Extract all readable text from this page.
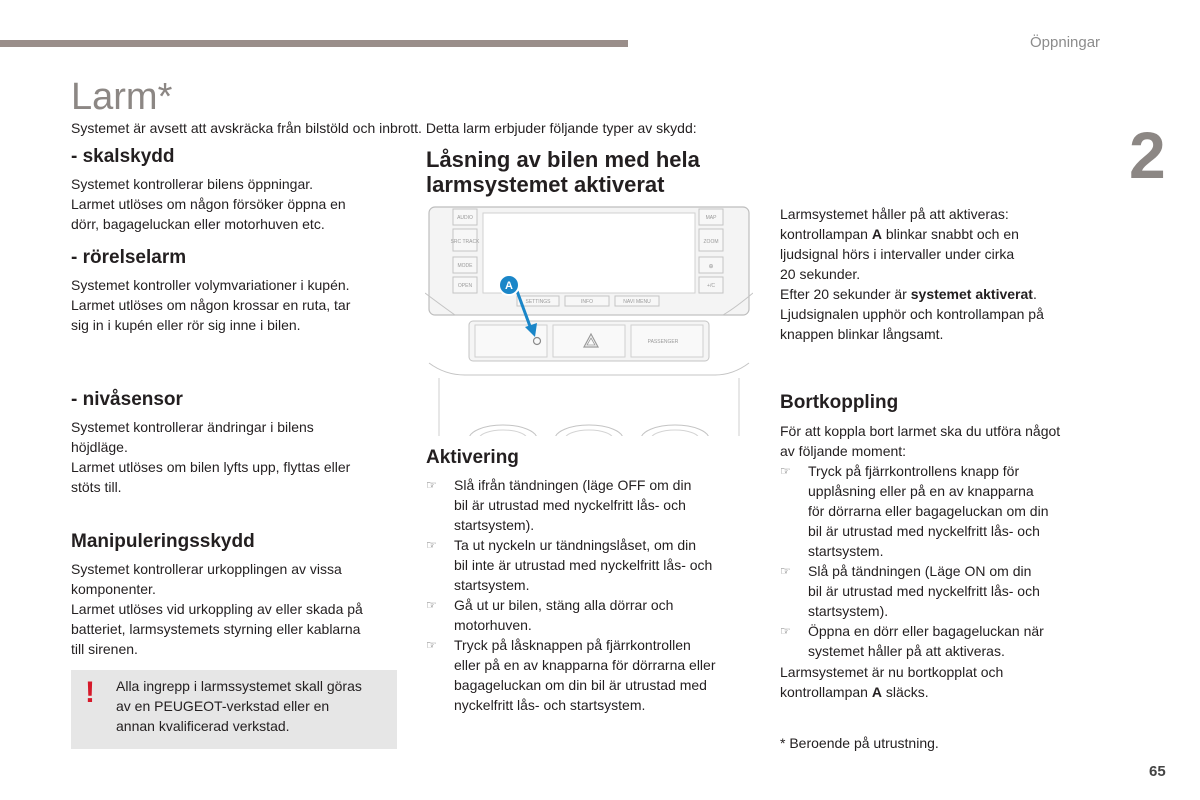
Öppningar
2
Larm*
Systemet är avsett att avskräcka från bilstöld och inbrott. Detta larm erbjuder följande typer av skydd:
- skalskydd
Systemet kontrollerar bilens öppningar.
Larmet utlöses om någon försöker öppna en
dörr, bagageluckan eller motorhuven etc.
- rörelselarm
Systemet kontroller volymvariationer i kupén.
Larmet utlöses om någon krossar en ruta, tar
sig in i kupén eller rör sig inne i bilen.
- nivåsensor
Systemet kontrollerar ändringar i bilens
höjdläge.
Larmet utlöses om bilen lyfts upp, flyttas eller
stöts till.
Manipuleringsskydd
Systemet kontrollerar urkopplingen av vissa
komponenter.
Larmet utlöses vid urkoppling av eller skada på
batteriet, larmsystemets styrning eller kablarna
till sirenen.
! Alla ingrepp i larmssystemet skall göras
av en PEUGEOT-verkstad eller en
annan kvalificerad verkstad.
Låsning av bilen med hela
larmsystemet aktiverat
AUDIO
SRC TRACK
MODE
OPEN
MAP
ZOOM
⊕
+/C
SETTINGS	INFO	NAVI MENU
PASSENGER
A
Aktivering
☞ Slå ifrån tändningen (läge OFF om din
bil är utrustad med nyckelfritt lås- och
startsystem).
☞ Ta ut nyckeln ur tändningslåset, om din
bil inte är utrustad med nyckelfritt lås- och
startsystem.
☞ Gå ut ur bilen, stäng alla dörrar och
motorhuven.
☞ Tryck på låsknappen på fjärrkontrollen
eller på en av knapparna för dörrarna eller
bagageluckan om din bil är utrustad med
nyckelfritt lås- och startsystem.
Larmsystemet håller på att aktiveras:
kontrollampan A blinkar snabbt och en
ljudsignal hörs i intervaller under cirka
20 sekunder.
Efter 20 sekunder är systemet aktiverat.
Ljudsignalen upphör och kontrollampan på
knappen blinkar långsamt.
Bortkoppling
För att koppla bort larmet ska du utföra något
av följande moment:
☞ Tryck på fjärrkontrollens knapp för
upplåsning eller på en av knapparna
för dörrarna eller bagageluckan om din
bil är utrustad med nyckelfritt lås- och
startsystem.
☞ Slå på tändningen (Läge ON om din
bil är utrustad med nyckelfritt lås- och
startsystem).
☞ Öppna en dörr eller bagageluckan när
systemet håller på att aktiveras.
Larmsystemet är nu bortkopplat och
kontrollampan A släcks.
* Beroende på utrustning.
65
